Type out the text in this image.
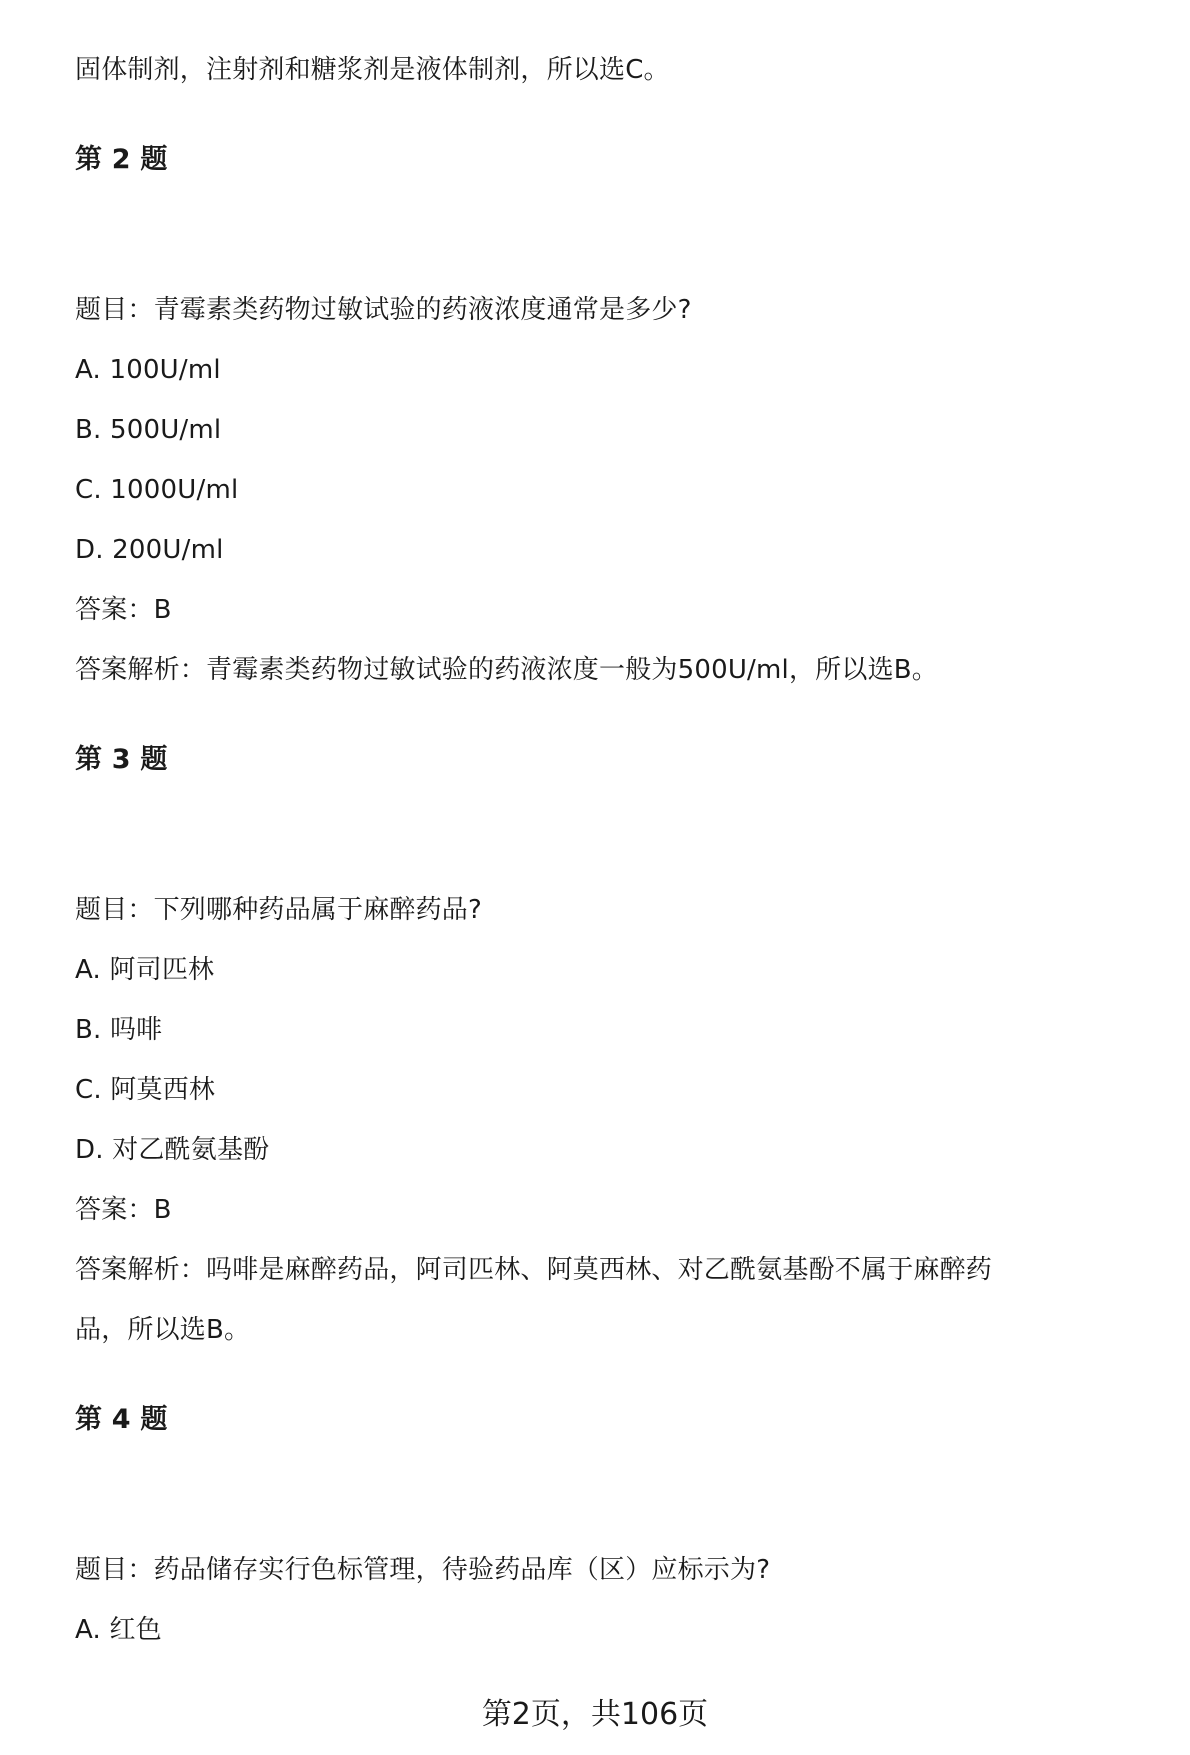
固体制剂，注射剂和糖浆剂是液体制剂，所以选C。
第 2 题
题目：青霉素类药物过敏试验的药液浓度通常是多少?
A. 100U/ml
B. 500U/ml
C. 1000U/ml
D. 200U/ml
答案：B
答案解析：青霉素类药物过敏试验的药液浓度一般为500U/ml，所以选B。
第 3 题
题目：下列哪种药品属于麻醉药品?
A. 阿司匹林
B. 吗啡
C. 阿莫西林
D. 对乙酰氨基酚
答案：B
答案解析：吗啡是麻醉药品，阿司匹林、阿莫西林、对乙酰氨基酚不属于麻醉药
品，所以选B。
第 4 题
题目：药品储存实行色标管理，待验药品库（区）应标示为?
A. 红色
第2页，共106页
